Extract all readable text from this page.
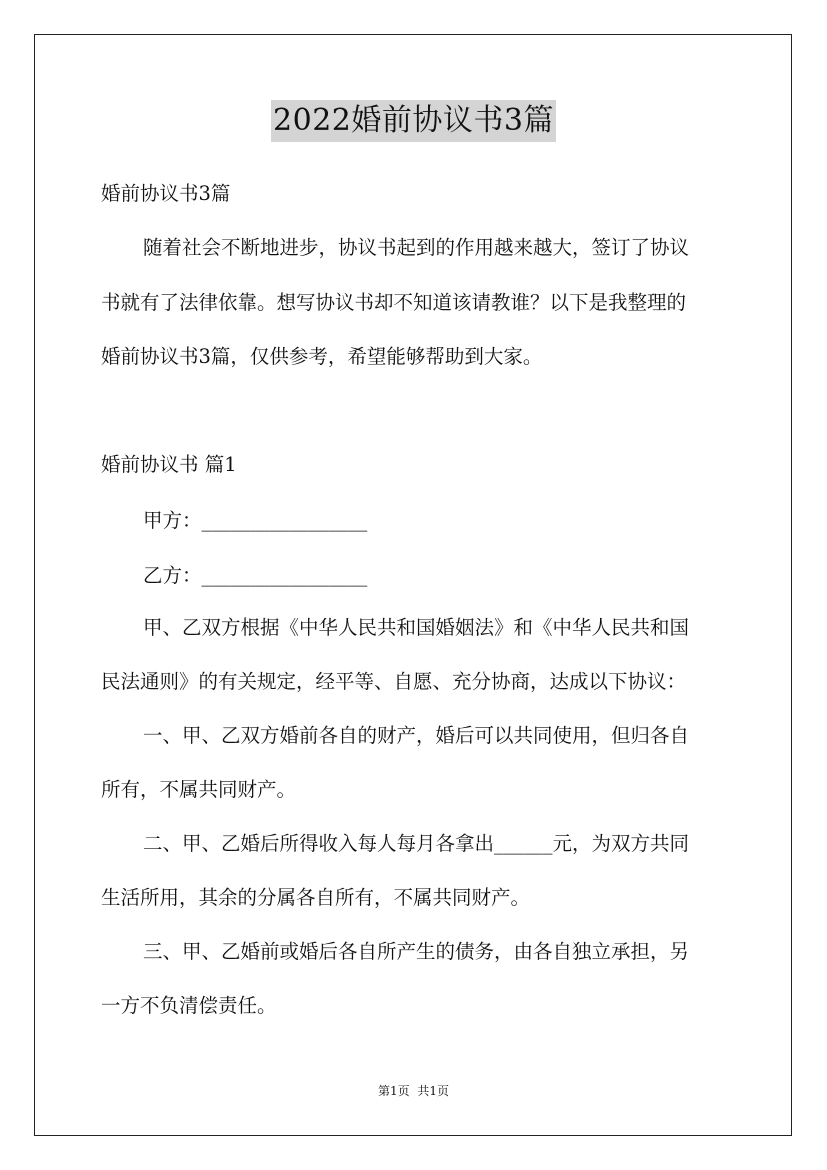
2022婚前协议书3篇
婚前协议书3篇
随着社会不断地进步，协议书起到的作用越来越大，签订了协议
书就有了法律依靠。想写协议书却不知道该请教谁？以下是我整理的
婚前协议书3篇，仅供参考，希望能够帮助到大家。
婚前协议书 篇1
甲方：_________________
乙方：_________________
甲、乙双方根据《中华人民共和国婚姻法》和《中华人民共和国
民法通则》的有关规定，经平等、自愿、充分协商，达成以下协议：
一、甲、乙双方婚前各自的财产，婚后可以共同使用，但归各自
所有，不属共同财产。
二、甲、乙婚后所得收入每人每月各拿出______元，为双方共同
生活所用，其余的分属各自所有，不属共同财产。
三、甲、乙婚前或婚后各自所产生的债务，由各自独立承担，另
一方不负清偿责任。
第1页 共1页
